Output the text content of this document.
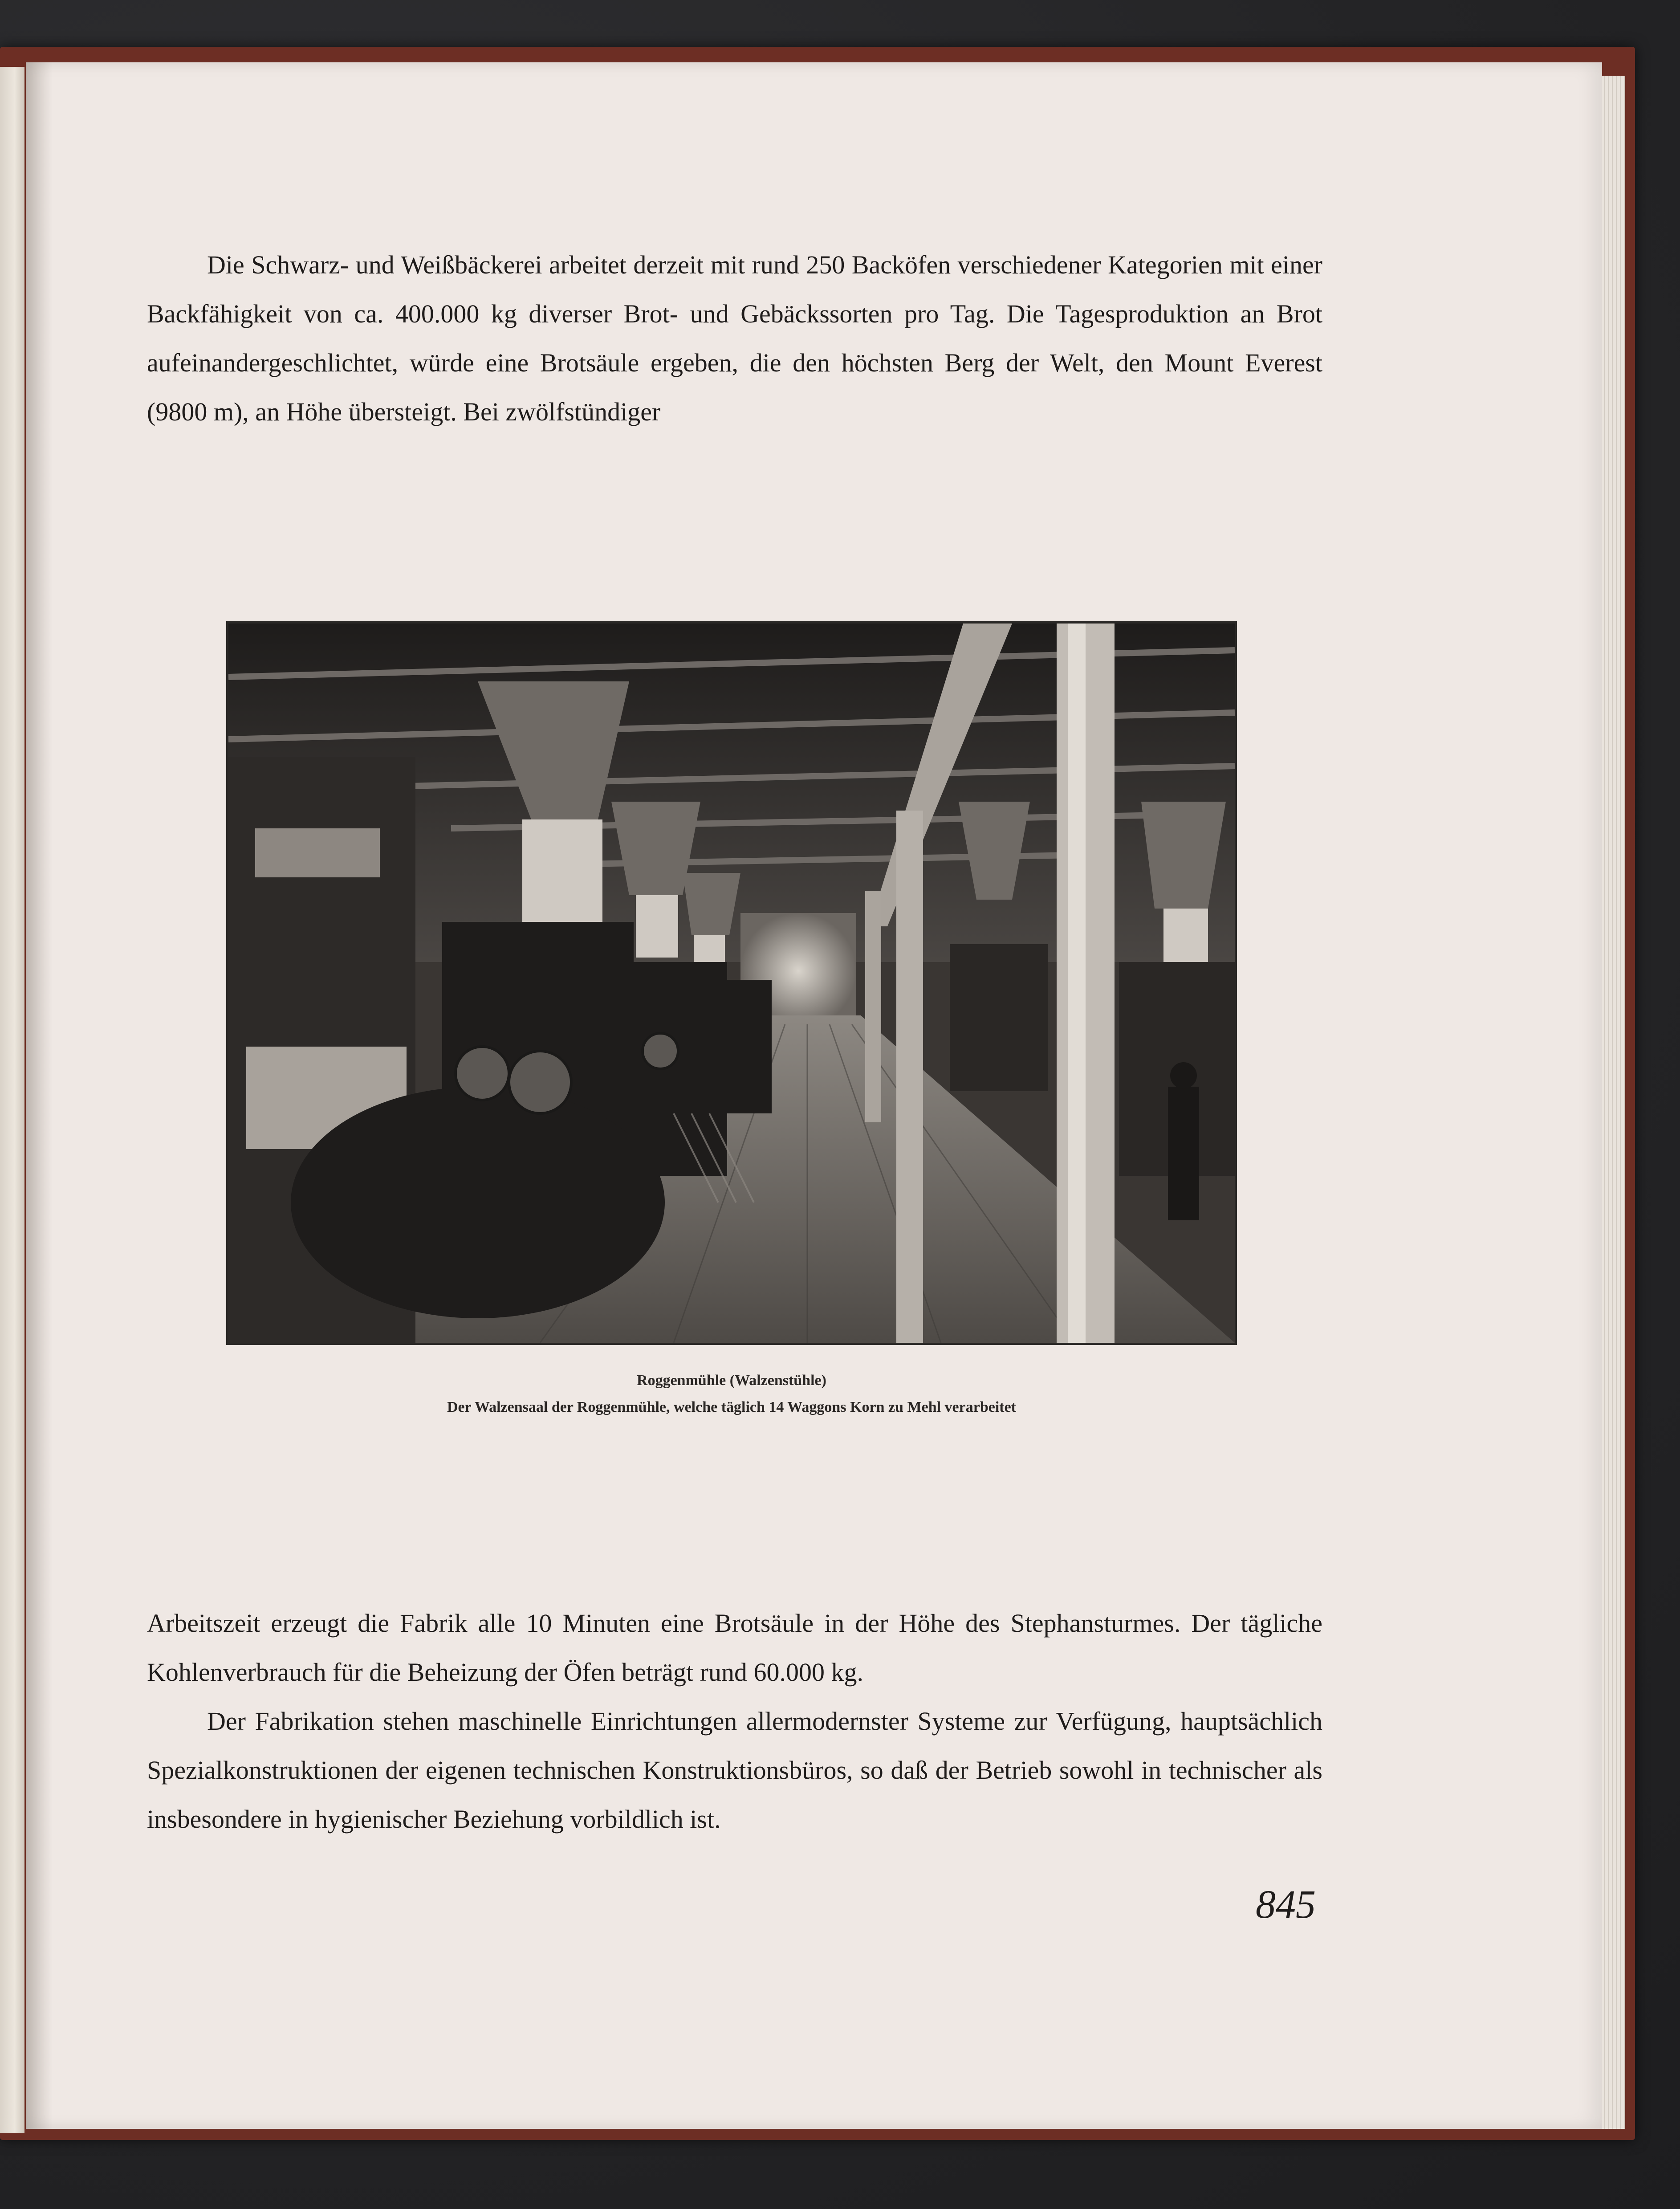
Die Schwarz- und Weißbäckerei arbeitet derzeit mit rund 250 Backöfen verschiedener Kategorien mit einer Backfähigkeit von ca. 400.000 kg diverser Brot- und Gebäckssorten pro Tag. Die Tagesproduktion an Brot aufeinandergeschlichtet, würde eine Brotsäule ergeben, die den höchsten Berg der Welt, den Mount Everest (9800 m), an Höhe übersteigt. Bei zwölfstündiger

Roggenmühle (Walzenstühle)

Der Walzensaal der Roggenmühle, welche täglich 14 Waggons Korn zu Mehl verarbeitet

Arbeitszeit erzeugt die Fabrik alle 10 Minuten eine Brotsäule in der Höhe des Stephansturmes. Der tägliche Kohlenverbrauch für die Beheizung der Öfen beträgt rund 60.000 kg.

Der Fabrikation stehen maschinelle Einrichtungen allermodernster Systeme zur Verfügung, hauptsächlich Spezialkonstruktionen der eigenen technischen Konstruktionsbüros, so daß der Betrieb sowohl in technischer als insbesondere in hygienischer Beziehung vorbildlich ist.

845
